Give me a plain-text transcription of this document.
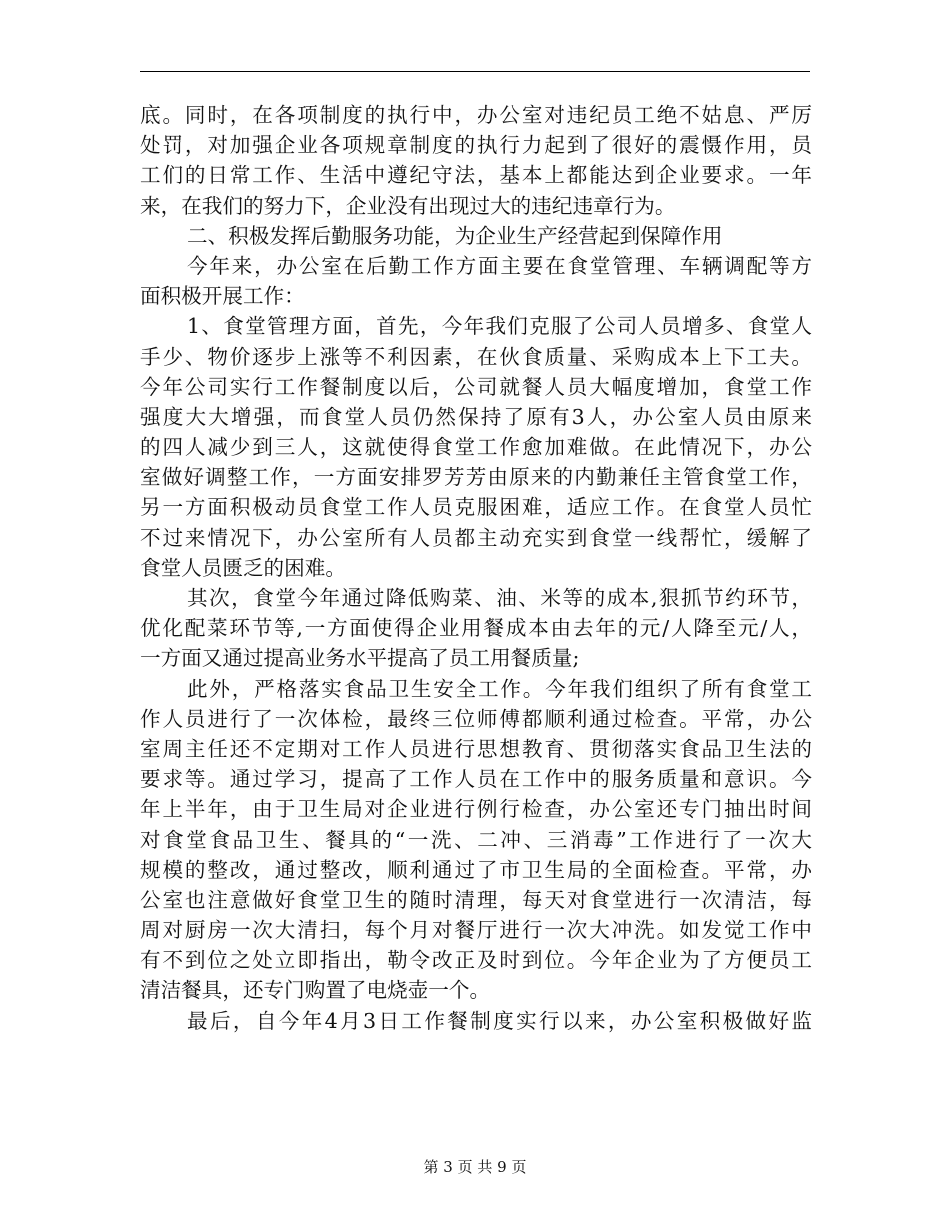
底。同时，在各项制度的执行中，办公室对违纪员工绝不姑息、严厉
处罚，对加强企业各项规章制度的执行力起到了很好的震慑作用，员
工们的日常工作、生活中遵纪守法，基本上都能达到企业要求。一年
来，在我们的努力下，企业没有出现过大的违纪违章行为。
二、积极发挥后勤服务功能，为企业生产经营起到保障作用
今年来，办公室在后勤工作方面主要在食堂管理、车辆调配等方
面积极开展工作：
1、食堂管理方面，首先，今年我们克服了公司人员增多、食堂人
手少、物价逐步上涨等不利因素，在伙食质量、采购成本上下工夫。
今年公司实行工作餐制度以后，公司就餐人员大幅度增加，食堂工作
强度大大增强，而食堂人员仍然保持了原有3人，办公室人员由原来
的四人减少到三人，这就使得食堂工作愈加难做。在此情况下，办公
室做好调整工作，一方面安排罗芳芳由原来的内勤兼任主管食堂工作，
另一方面积极动员食堂工作人员克服困难，适应工作。在食堂人员忙
不过来情况下，办公室所有人员都主动充实到食堂一线帮忙，缓解了
食堂人员匮乏的困难。
其次，食堂今年通过降低购菜、油、米等的成本,狠抓节约环节，
优化配菜环节等,一方面使得企业用餐成本由去年的元/人降至元/人，
一方面又通过提高业务水平提高了员工用餐质量;
此外，严格落实食品卫生安全工作。今年我们组织了所有食堂工
作人员进行了一次体检，最终三位师傅都顺利通过检查。平常，办公
室周主任还不定期对工作人员进行思想教育、贯彻落实食品卫生法的
要求等。通过学习，提高了工作人员在工作中的服务质量和意识。今
年上半年，由于卫生局对企业进行例行检查，办公室还专门抽出时间
对食堂食品卫生、餐具的“一洗、二冲、三消毒”工作进行了一次大
规模的整改，通过整改，顺利通过了市卫生局的全面检查。平常，办
公室也注意做好食堂卫生的随时清理，每天对食堂进行一次清洁，每
周对厨房一次大清扫，每个月对餐厅进行一次大冲洗。如发觉工作中
有不到位之处立即指出，勒令改正及时到位。今年企业为了方便员工
清洁餐具，还专门购置了电烧壶一个。
最后，自今年4月3日工作餐制度实行以来，办公室积极做好监
第 3 页 共 9 页
